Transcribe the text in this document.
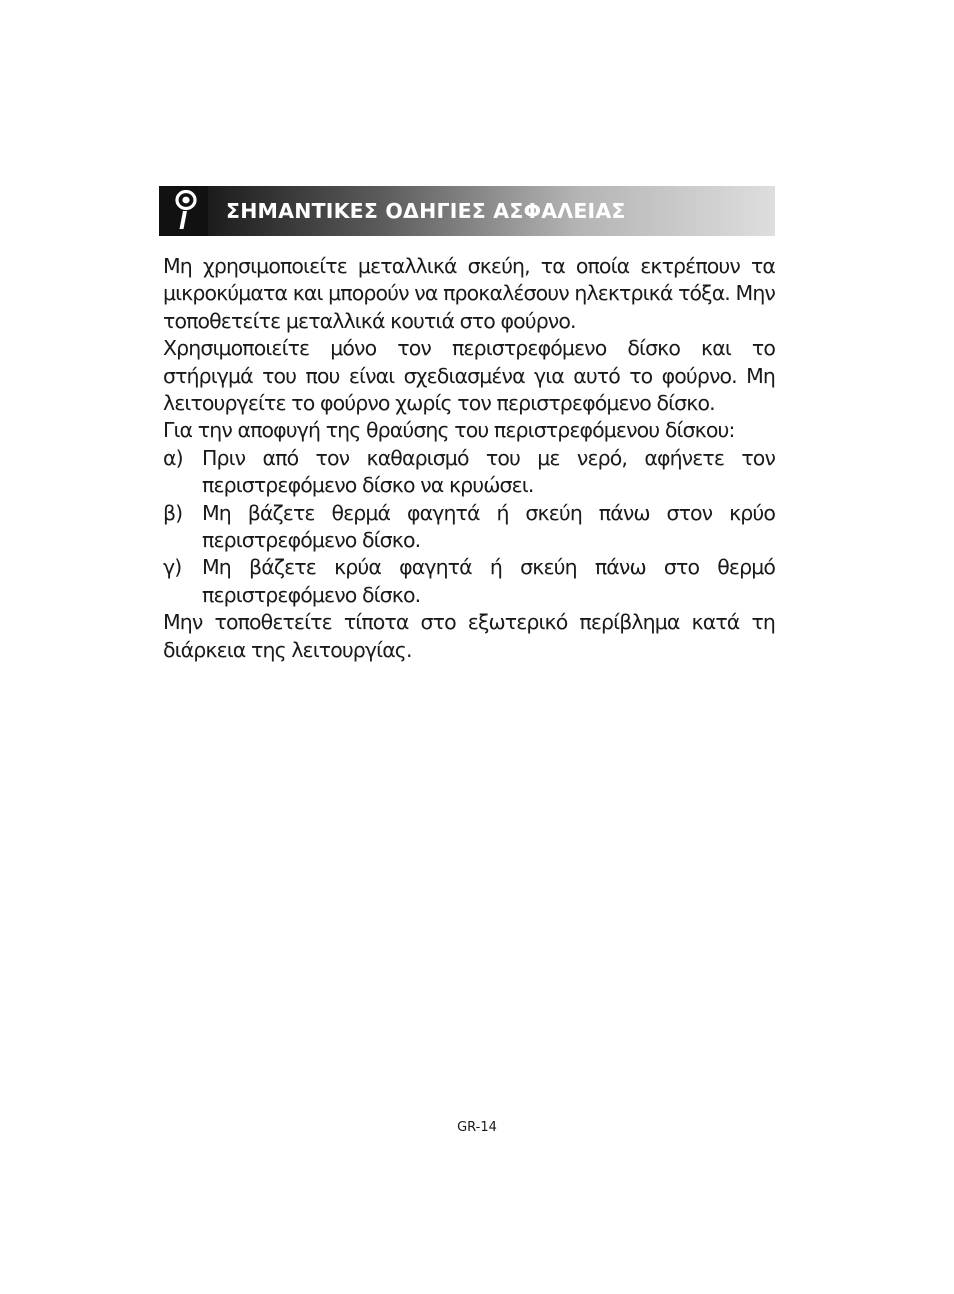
ΣΗΜΑΝΤΙΚΕΣ ΟΔΗΓΙΕΣ ΑΣΦΑΛΕΙΑΣ

Μη χρησιμοποιείτε μεταλλικά σκεύη, τα οποία εκτρέπουν τα μικροκύματα και μπορούν να προκαλέσουν ηλεκτρικά τόξα. Μην τοποθετείτε μεταλλικά κουτιά στο φούρνο.

Χρησιμοποιείτε μόνο τον περιστρεφόμενο δίσκο και το στήριγμά του που είναι σχεδιασμένα για αυτό το φούρνο. Μη λειτουργείτε το φούρνο χωρίς τον περιστρεφόμενο δίσκο.

Για την αποφυγή της θραύσης του περιστρεφόμενου δίσκου:

α) Πριν από τον καθαρισμό του με νερό, αφήνετε τον περιστρεφόμενο δίσκο να κρυώσει.
β) Μη βάζετε θερμά φαγητά ή σκεύη πάνω στον κρύο περιστρεφόμενο δίσκο.
γ) Μη βάζετε κρύα φαγητά ή σκεύη πάνω στο θερμό περιστρεφόμενο δίσκο.

Μην τοποθετείτε τίποτα στο εξωτερικό περίβλημα κατά τη διάρκεια της λειτουργίας.

GR-14
